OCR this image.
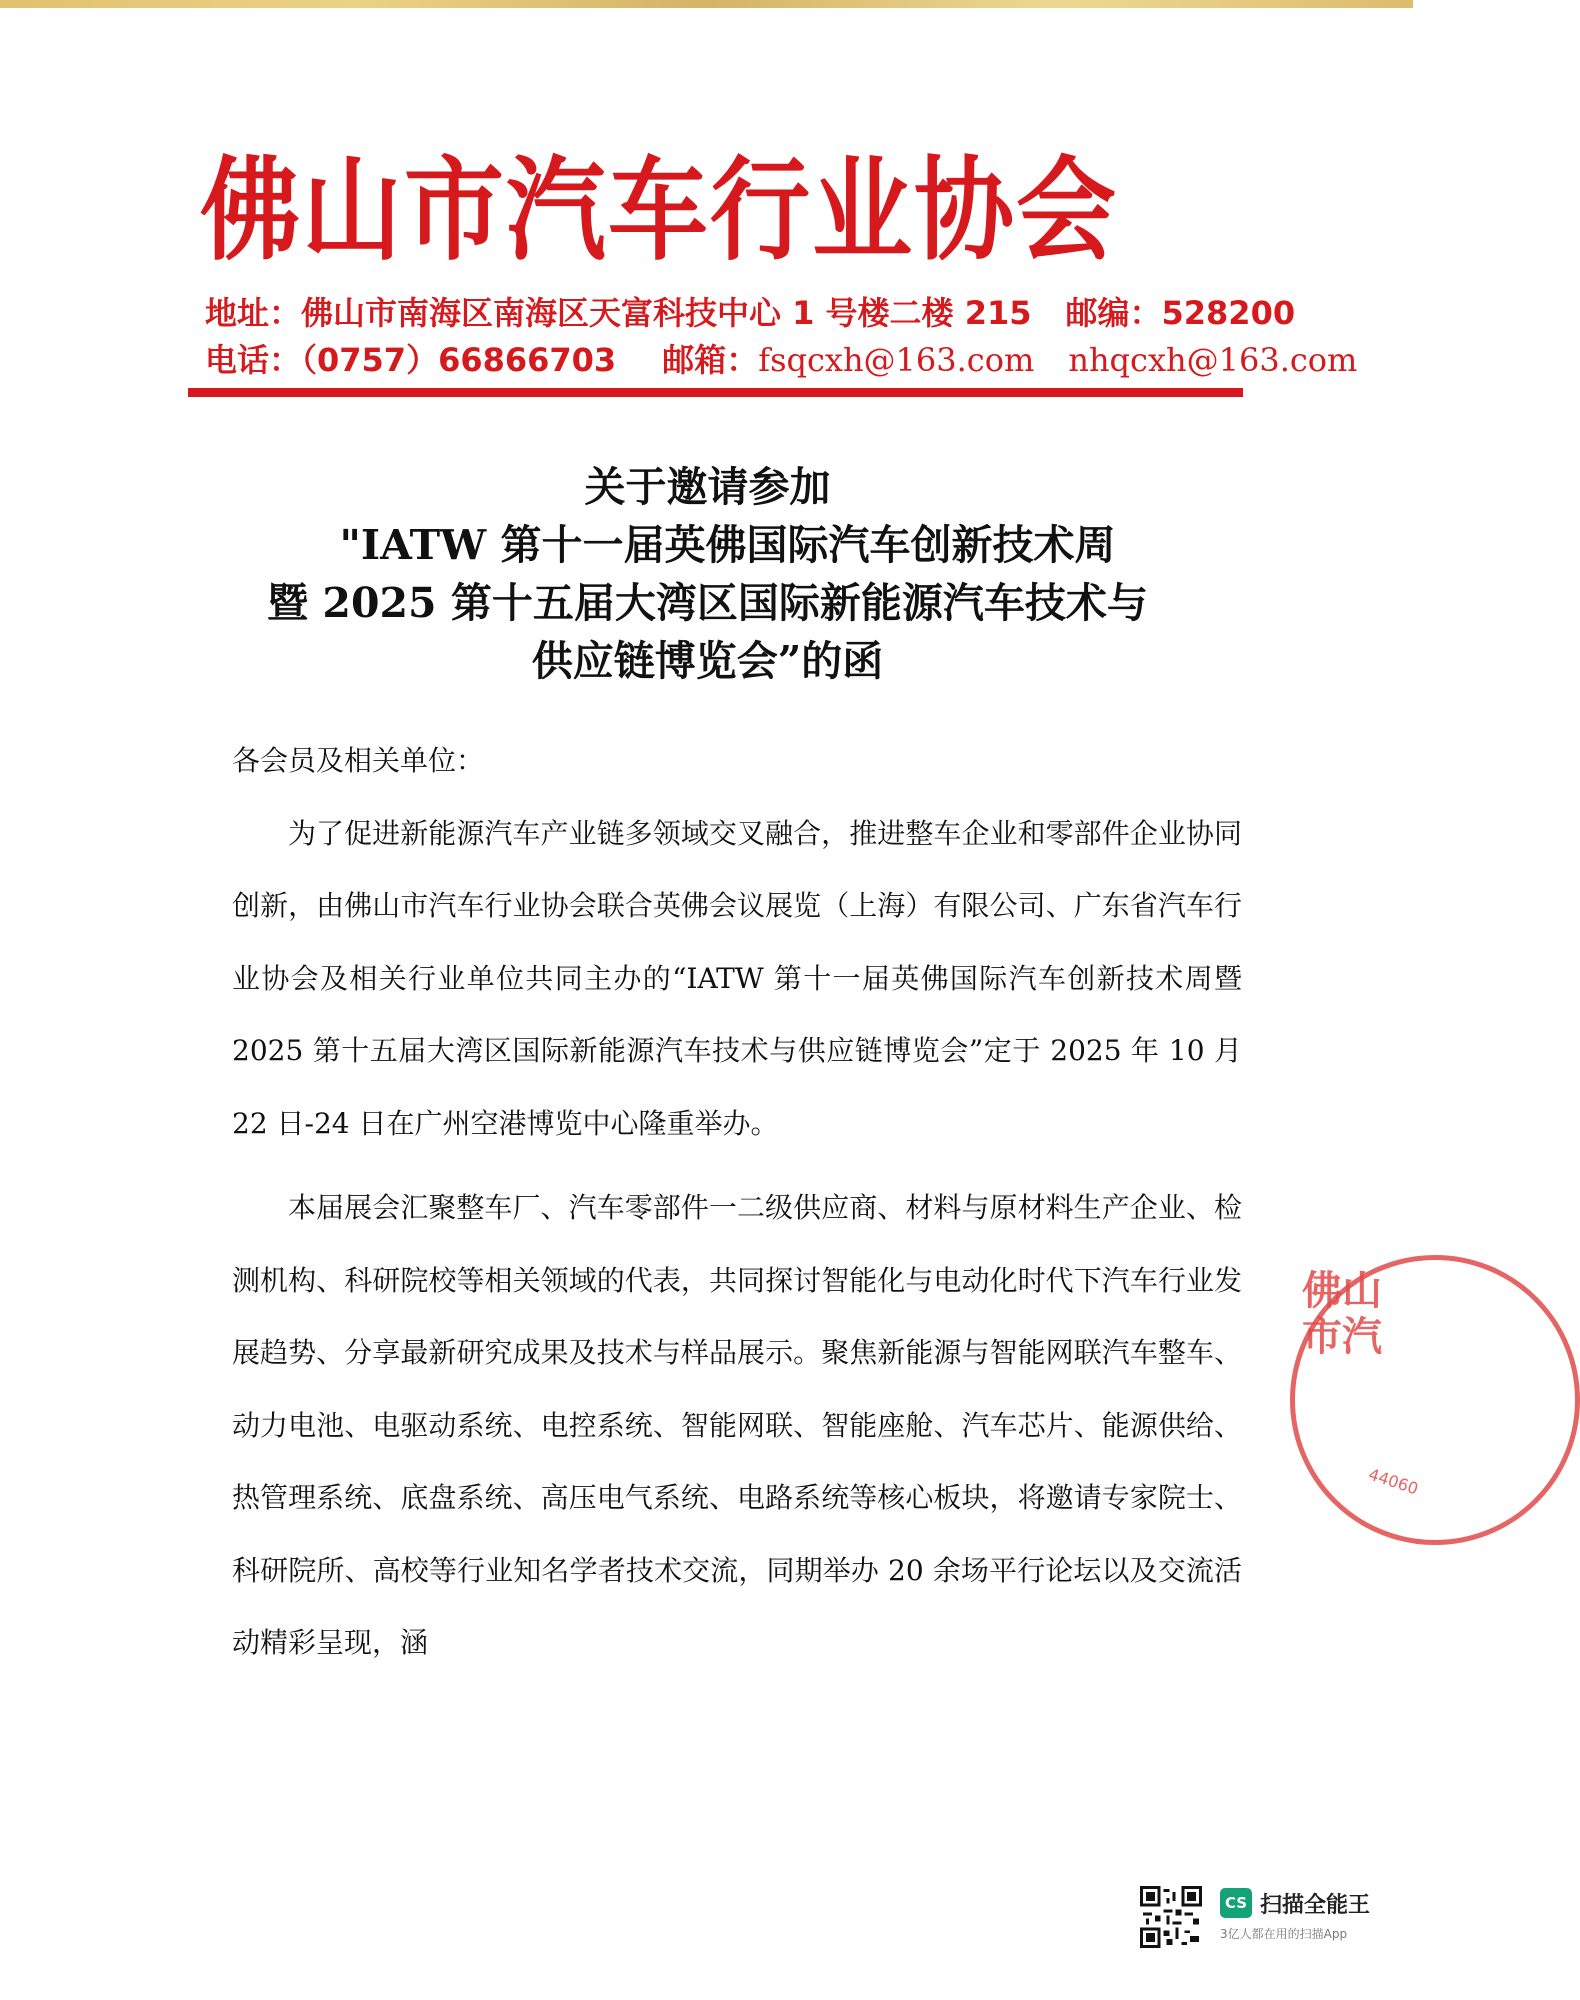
佛山市汽车行业协会
地址：佛山市南海区南海区天富科技中心 1 号楼二楼 215 邮编：528200
电话：（0757）66866703 邮箱：fsqcxh@163.com nhqcxh@163.com
关于邀请参加
"IATW 第十一届英佛国际汽车创新技术周
暨 2025 第十五届大湾区国际新能源汽车技术与
供应链博览会”的函

各会员及相关单位：

为了促进新能源汽车产业链多领域交叉融合，推进整车企业和零部件企业协同创新，由佛山市汽车行业协会联合英佛会议展览（上海）有限公司、广东省汽车行业协会及相关行业单位共同主办的“IATW 第十一届英佛国际汽车创新技术周暨 2025 第十五届大湾区国际新能源汽车技术与供应链博览会”定于 2025 年 10 月 22 日-24 日在广州空港博览中心隆重举办。

本届展会汇聚整车厂、汽车零部件一二级供应商、材料与原材料生产企业、检测机构、科研院校等相关领域的代表，共同探讨智能化与电动化时代下汽车行业发展趋势、分享最新研究成果及技术与样品展示。聚焦新能源与智能网联汽车整车、动力电池、电驱动系统、电控系统、智能网联、智能座舱、汽车芯片、能源供给、热管理系统、底盘系统、高压电气系统、电路系统等核心板块，将邀请专家院士、科研院所、高校等行业知名学者技术交流，同期举办 20 余场平行论坛以及交流活动精彩呈现，涵

佛山市汽
44060
CS 扫描全能王
3亿人都在用的扫描App
